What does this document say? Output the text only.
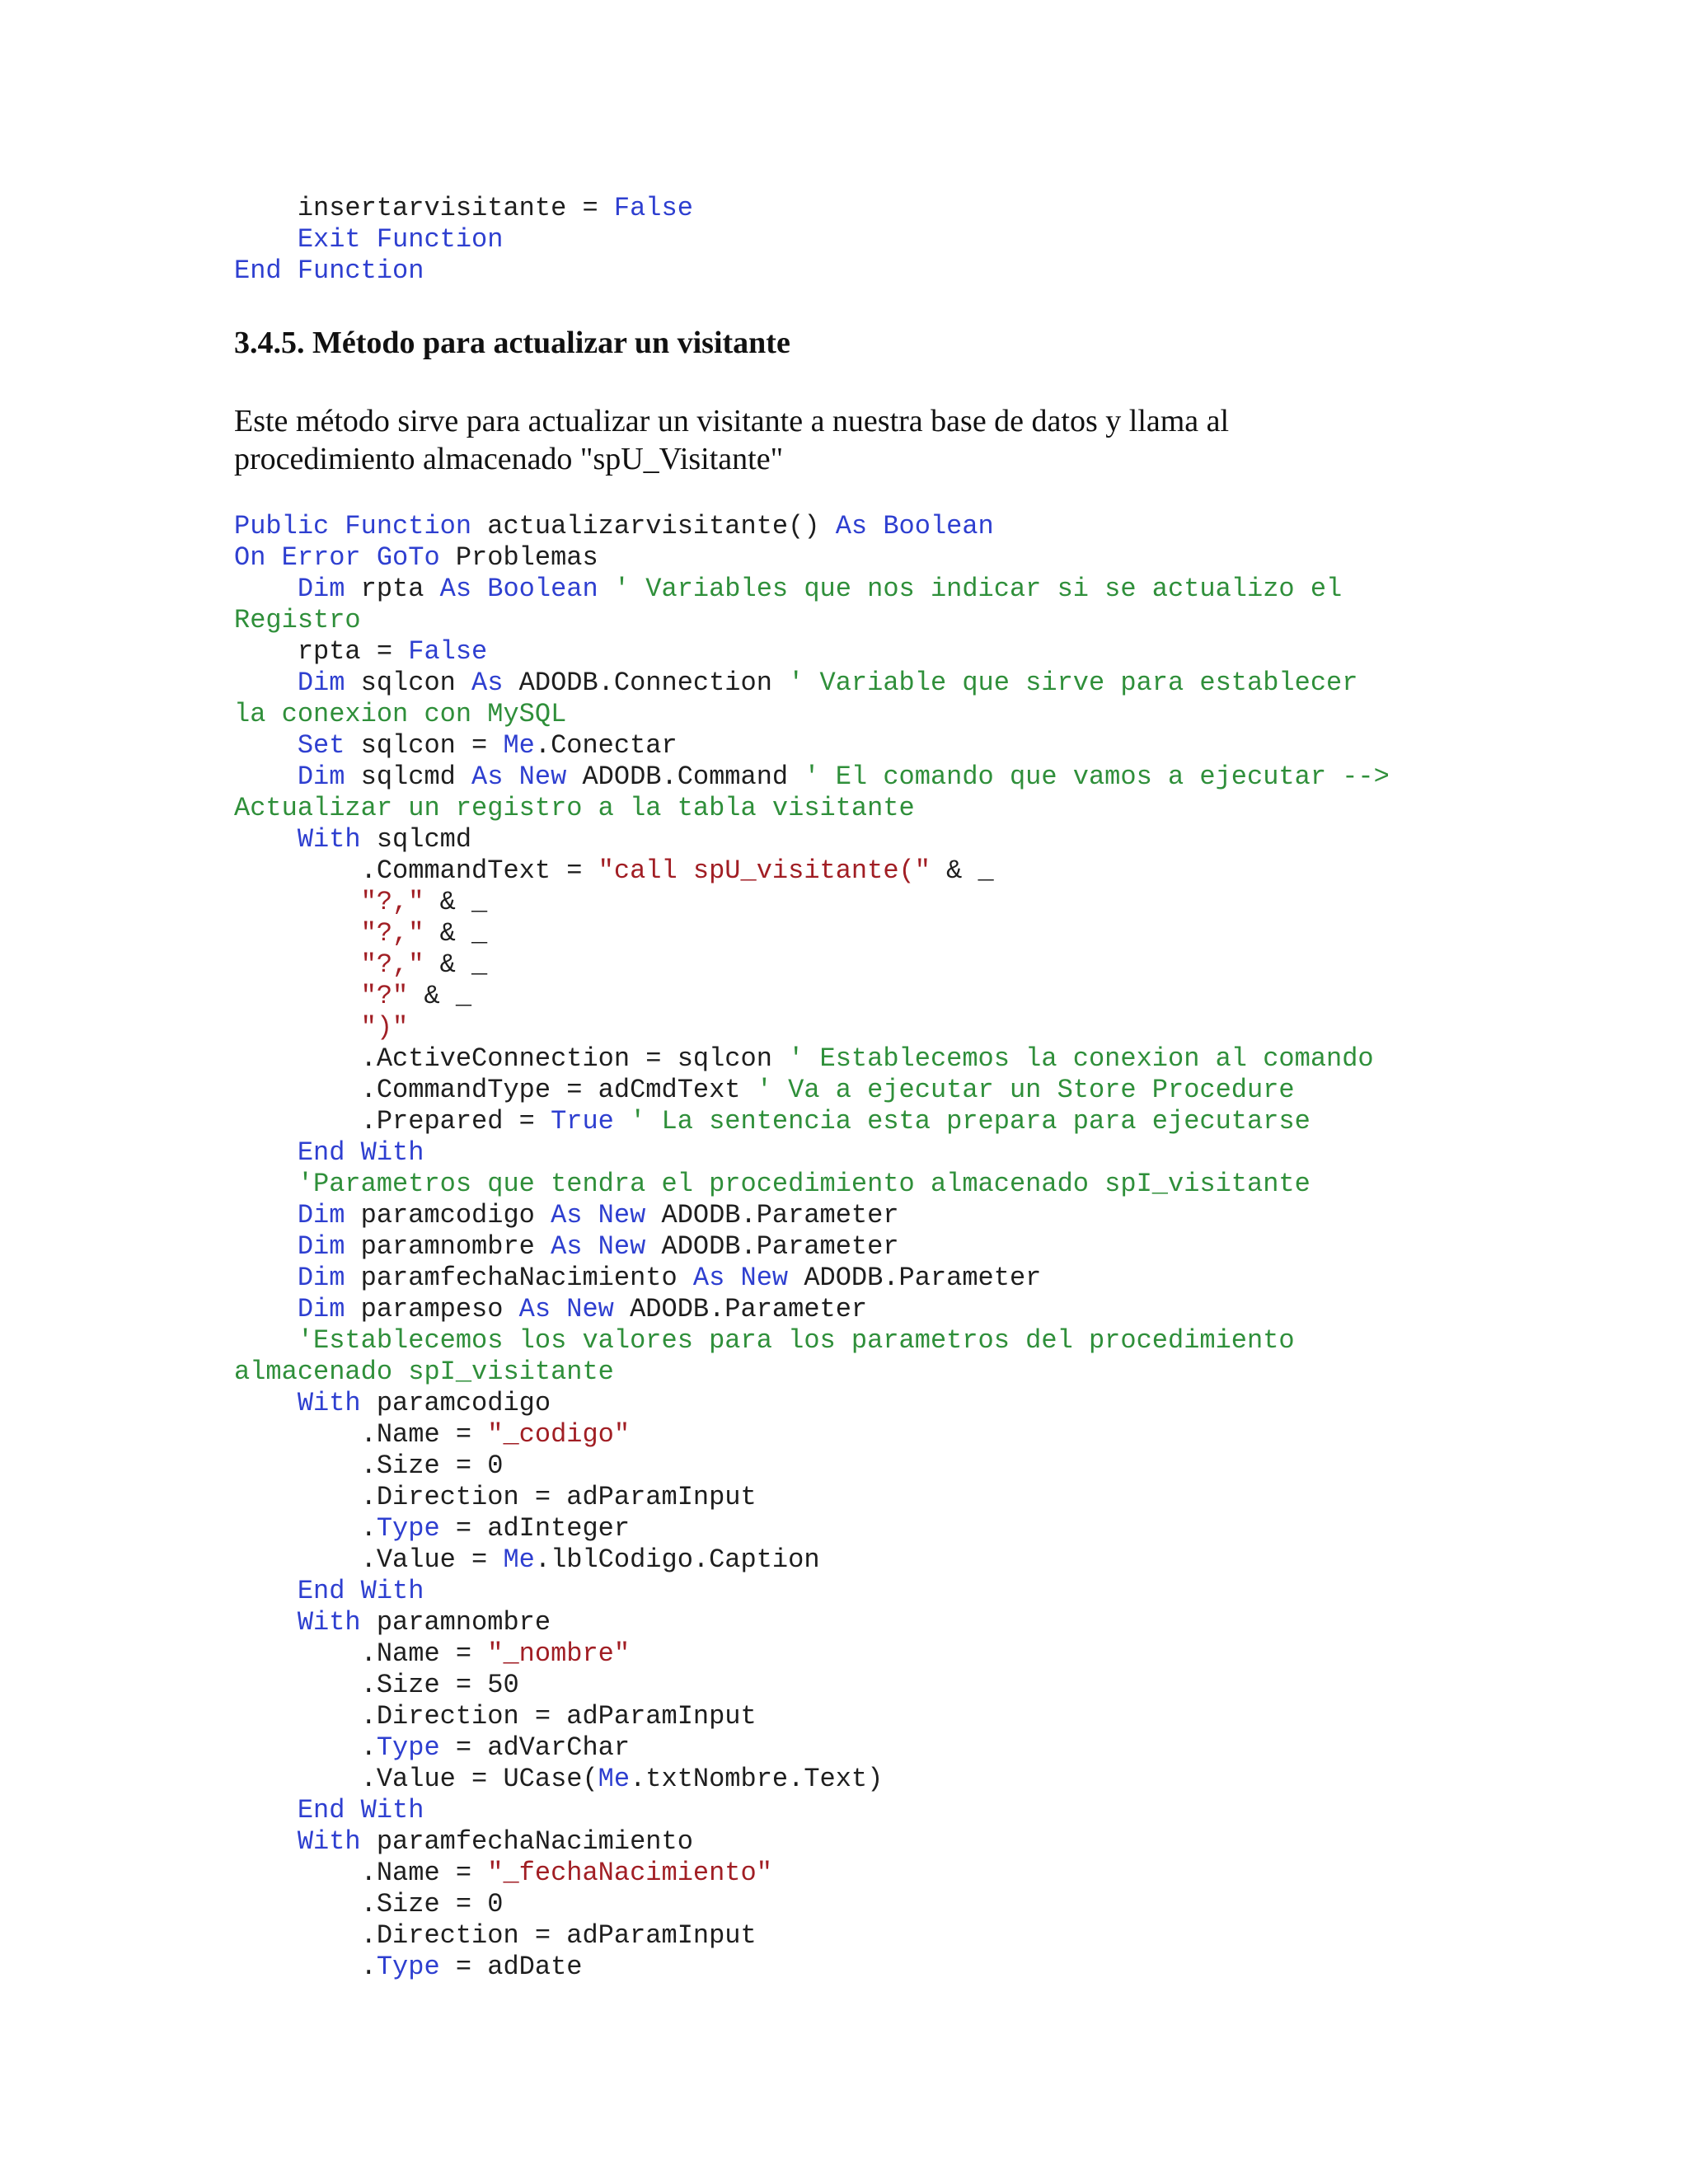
insertarvisitante = False
Exit Function
End Function
3.4.5. Método para actualizar un visitante
Este método sirve para actualizar un visitante a nuestra base de datos y llama al
procedimiento almacenado "spU_Visitante"
Public Function actualizarvisitante() As Boolean
On Error GoTo Problemas
Dim rpta As Boolean ' Variables que nos indicar si se actualizo el
Registro
rpta = False
Dim sqlcon As ADODB.Connection ' Variable que sirve para establecer
la conexion con MySQL
Set sqlcon = Me.Conectar
Dim sqlcmd As New ADODB.Command ' El comando que vamos a ejecutar -->
Actualizar un registro a la tabla visitante
With sqlcmd
.CommandText = "call spU_visitante(" & _
"?," & _
"?," & _
"?," & _
"?" & _
")"
.ActiveConnection = sqlcon ' Establecemos la conexion al comando
.CommandType = adCmdText ' Va a ejecutar un Store Procedure
.Prepared = True ' La sentencia esta prepara para ejecutarse
End With
'Parametros que tendra el procedimiento almacenado spI_visitante
Dim paramcodigo As New ADODB.Parameter
Dim paramnombre As New ADODB.Parameter
Dim paramfechaNacimiento As New ADODB.Parameter
Dim parampeso As New ADODB.Parameter
'Establecemos los valores para los parametros del procedimiento
almacenado spI_visitante
With paramcodigo
.Name = "_codigo"
.Size = 0
.Direction = adParamInput
.Type = adInteger
.Value = Me.lblCodigo.Caption
End With
With paramnombre
.Name = "_nombre"
.Size = 50
.Direction = adParamInput
.Type = adVarChar
.Value = UCase(Me.txtNombre.Text)
End With
With paramfechaNacimiento
.Name = "_fechaNacimiento"
.Size = 0
.Direction = adParamInput
.Type = adDate
